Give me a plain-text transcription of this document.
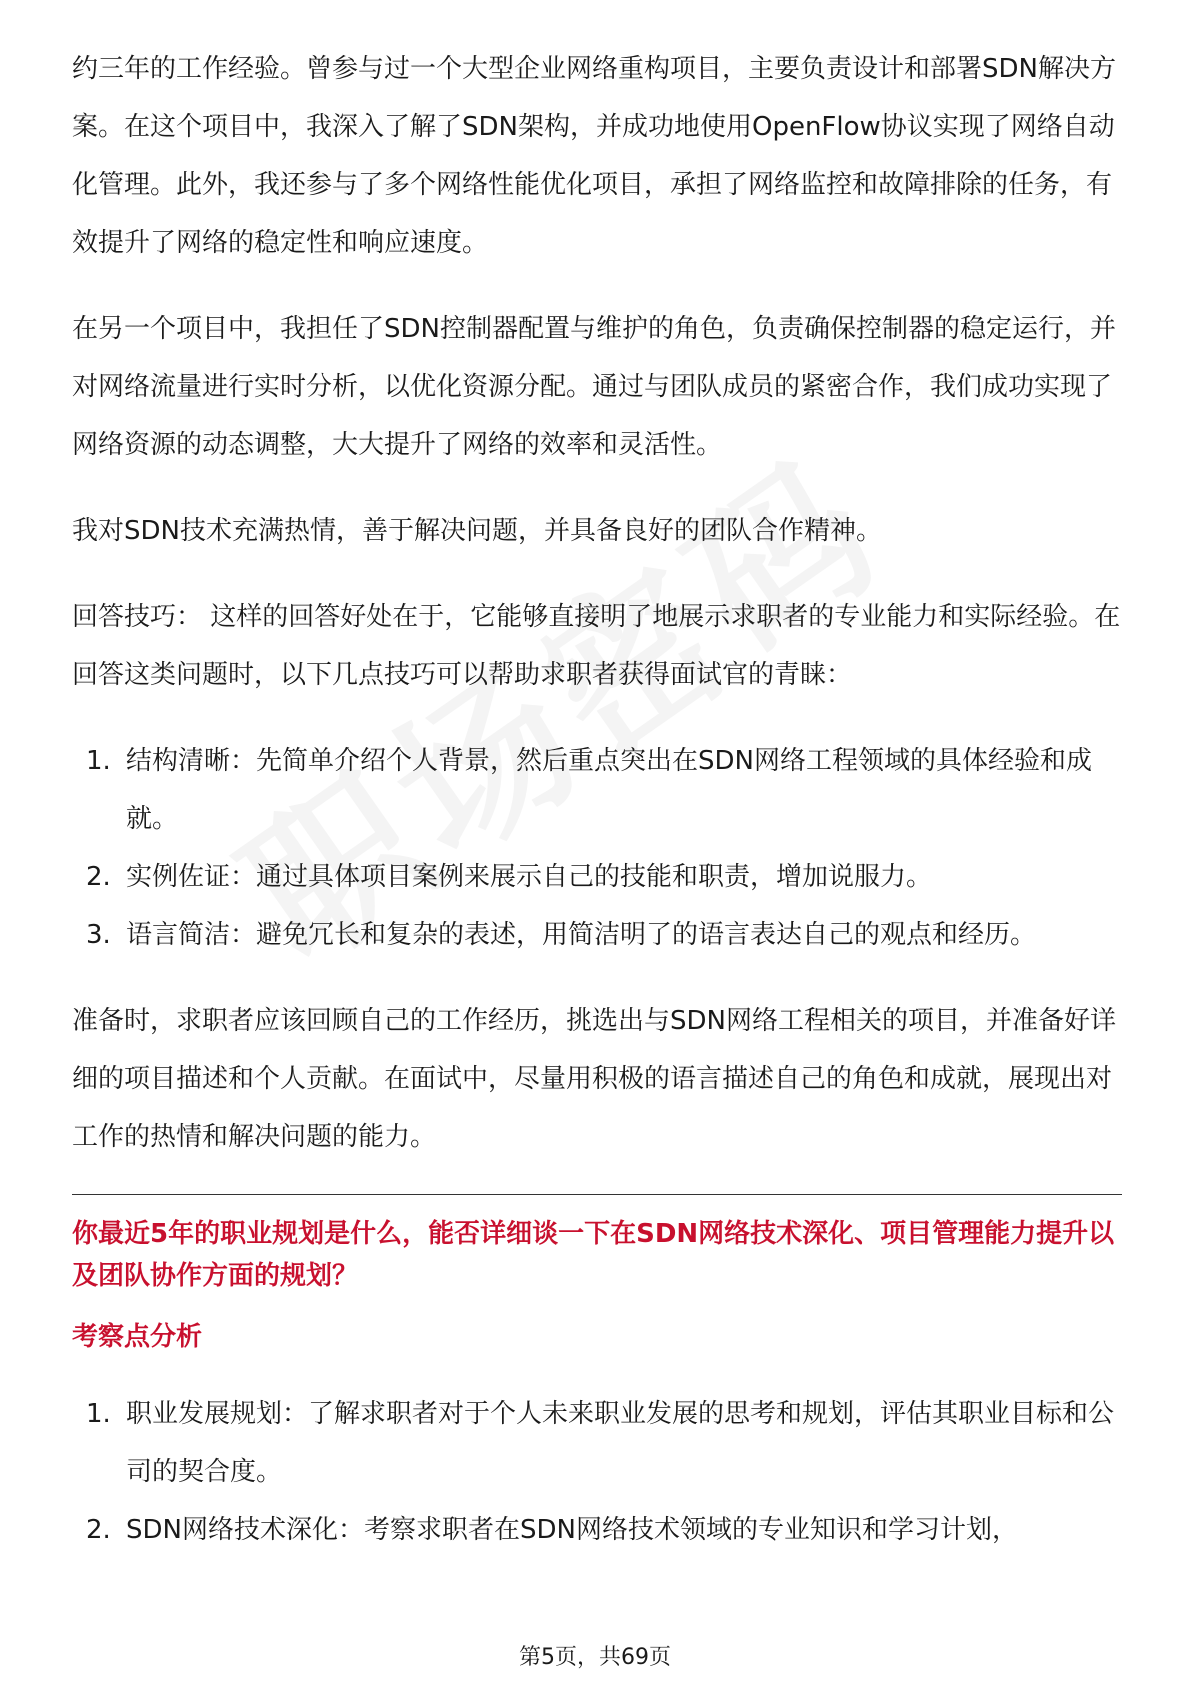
约三年的工作经验。曾参与过一个大型企业网络重构项目，主要负责设计和部署SDN解决方案。在这个项目中，我深入了解了SDN架构，并成功地使用OpenFlow协议实现了网络自动化管理。此外，我还参与了多个网络性能优化项目，承担了网络监控和故障排除的任务，有效提升了网络的稳定性和响应速度。

在另一个项目中，我担任了SDN控制器配置与维护的角色，负责确保控制器的稳定运行，并对网络流量进行实时分析，以优化资源分配。通过与团队成员的紧密合作，我们成功实现了网络资源的动态调整，大大提升了网络的效率和灵活性。

我对SDN技术充满热情，善于解决问题，并具备良好的团队合作精神。

回答技巧： 这样的回答好处在于，它能够直接明了地展示求职者的专业能力和实际经验。在回答这类问题时，以下几点技巧可以帮助求职者获得面试官的青睐：

1. 结构清晰：先简单介绍个人背景，然后重点突出在SDN网络工程领域的具体经验和成就。
2. 实例佐证：通过具体项目案例来展示自己的技能和职责，增加说服力。
3. 语言简洁：避免冗长和复杂的表述，用简洁明了的语言表达自己的观点和经历。

准备时，求职者应该回顾自己的工作经历，挑选出与SDN网络工程相关的项目，并准备好详细的项目描述和个人贡献。在面试中，尽量用积极的语言描述自己的角色和成就，展现出对工作的热情和解决问题的能力。

你最近5年的职业规划是什么，能否详细谈一下在SDN网络技术深化、项目管理能力提升以及团队协作方面的规划？

考察点分析

1. 职业发展规划：了解求职者对于个人未来职业发展的思考和规划，评估其职业目标和公司的契合度。
2. SDN网络技术深化：考察求职者在SDN网络技术领域的专业知识和学习计划，
第5页，共69页
